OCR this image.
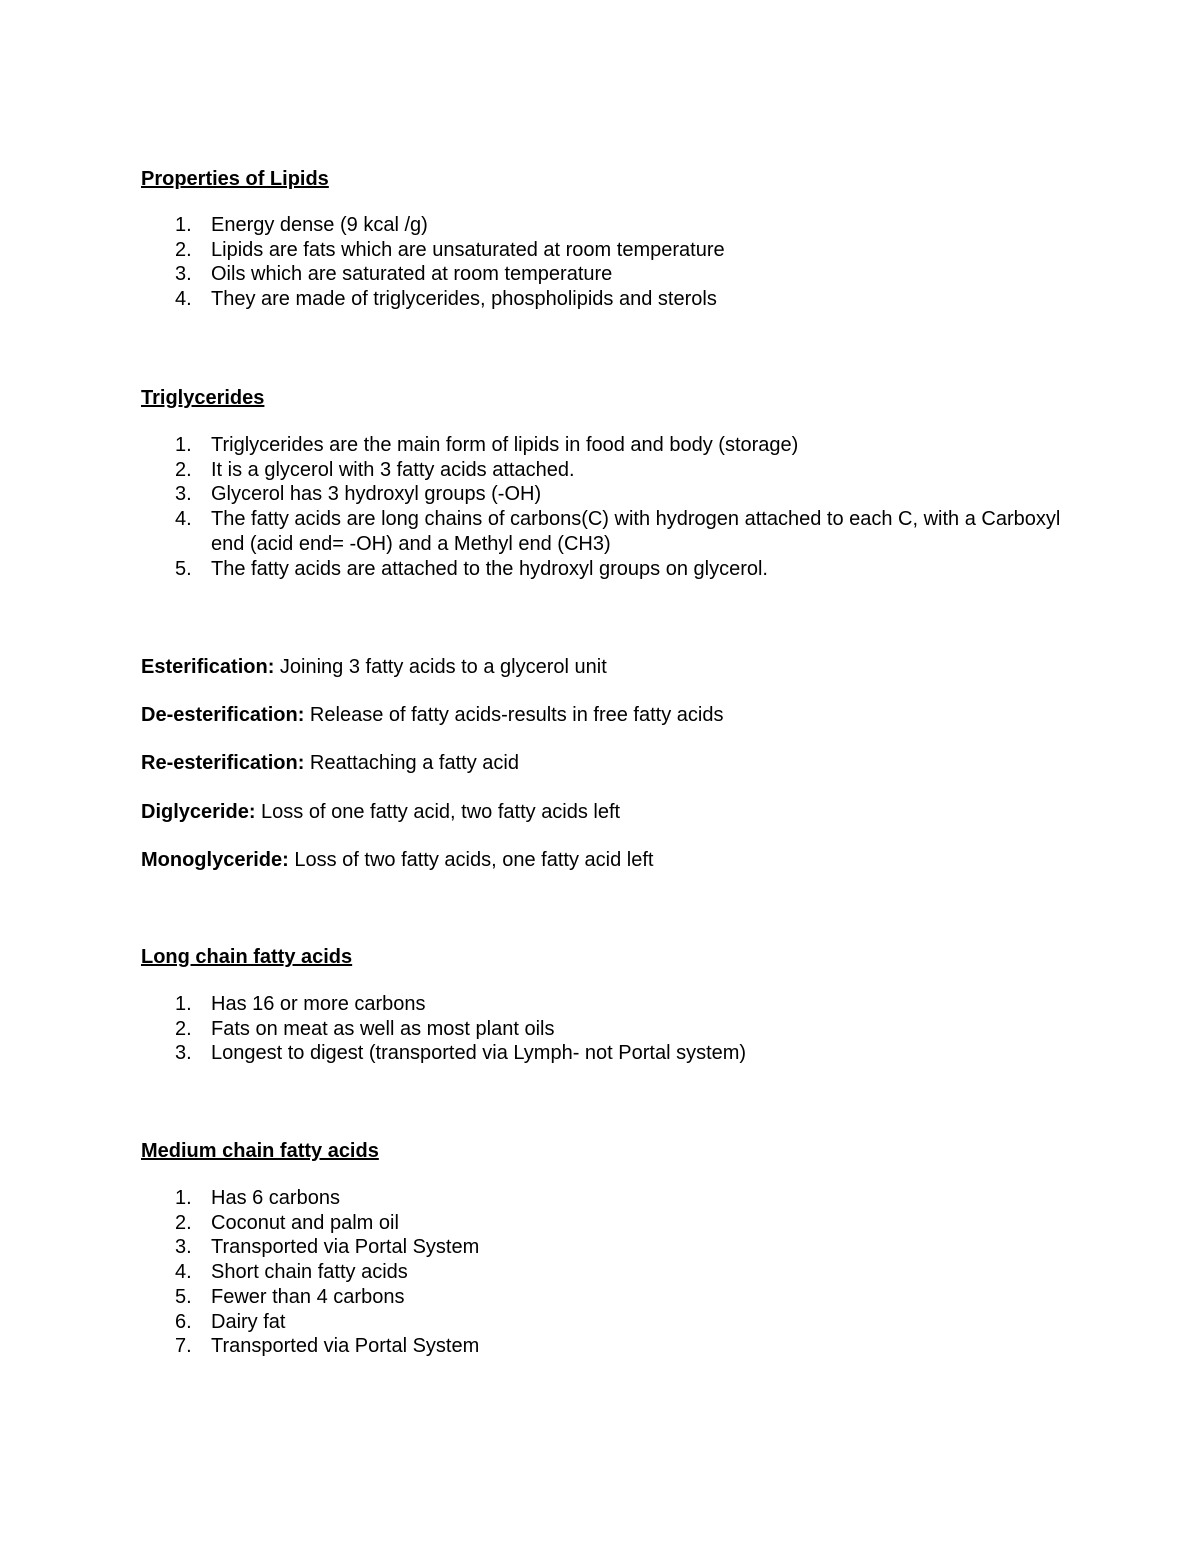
Properties of Lipids
1. Energy dense (9 kcal /g)
2. Lipids are fats which are unsaturated at room temperature
3. Oils which are saturated at room temperature
4. They are made of triglycerides, phospholipids and sterols
Triglycerides
1. Triglycerides are the main form of lipids in food and body (storage)
2. It is a glycerol with 3 fatty acids attached.
3. Glycerol has 3 hydroxyl groups (-OH)
4. The fatty acids are long chains of carbons(C) with hydrogen attached to each C, with a Carboxyl end (acid end= -OH) and a Methyl end (CH3)
5. The fatty acids are attached to the hydroxyl groups on glycerol.

Esterification: Joining 3 fatty acids to a glycerol unit

De-esterification: Release of fatty acids-results in free fatty acids

Re-esterification: Reattaching a fatty acid

Diglyceride: Loss of one fatty acid, two fatty acids left

Monoglyceride: Loss of two fatty acids, one fatty acid left

Long chain fatty acids
1. Has 16 or more carbons
2. Fats on meat as well as most plant oils
3. Longest to digest (transported via Lymph- not Portal system)
Medium chain fatty acids
1. Has 6 carbons
2. Coconut and palm oil
3. Transported via Portal System
4. Short chain fatty acids
5. Fewer than 4 carbons
6. Dairy fat
7. Transported via Portal System
